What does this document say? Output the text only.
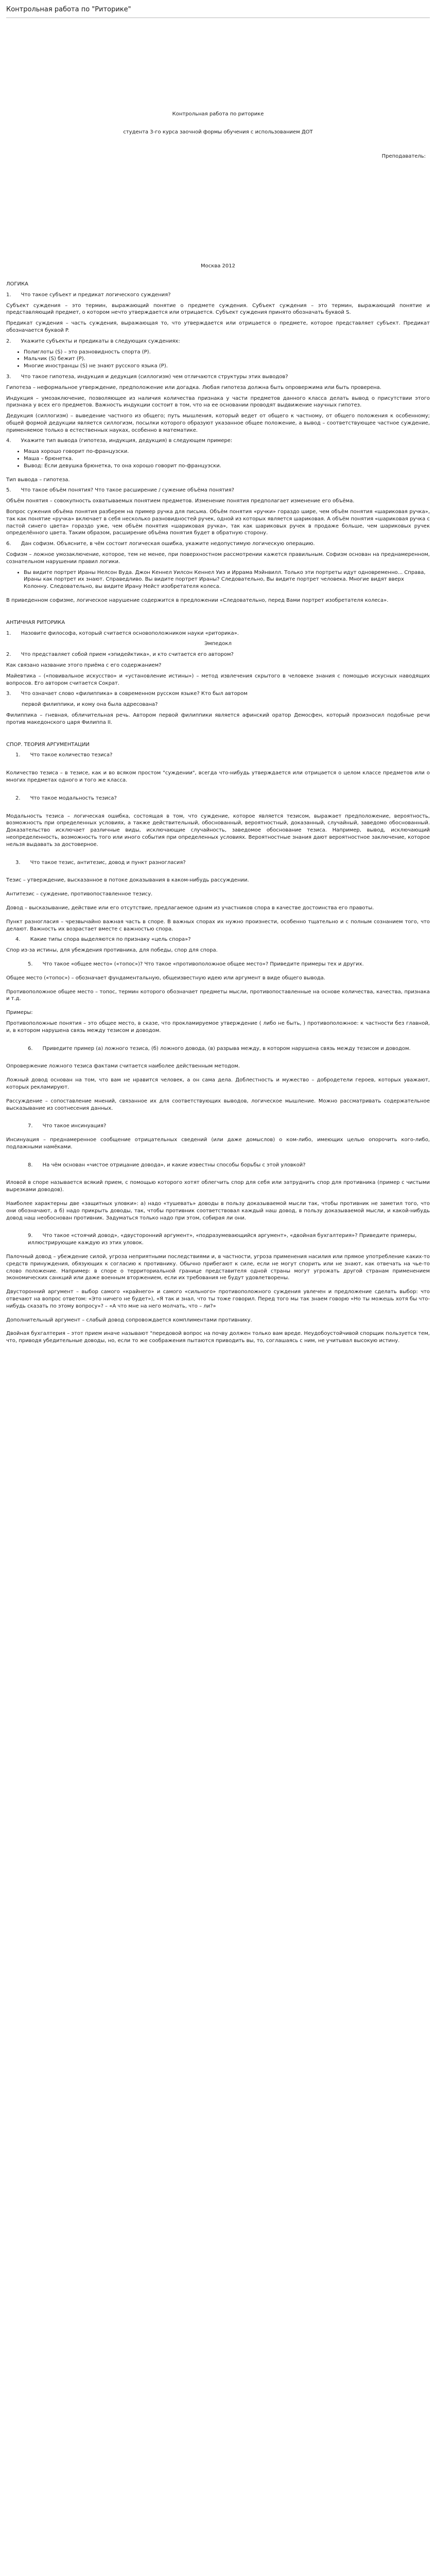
Контрольная работа по "Риторике"
Контрольная работа по риторике
студента 3-го курса заочной формы обучения с использованием ДОТ
Преподаватель:
Москва 2012
ЛОГИКА
1.      Что такое субъект и предикат логического суждения?
Субъект суждения – это термин, выражающий понятие о предмете суждения. Субъект суждения – это термин, выражающий понятие и представляющий предмет, о котором нечто утверждается или отрицается. Субъект суждения принято обозначать буквой S.
Предикат суждения – часть суждения, выражающая то, что утверждается или отрицается о предмете, которое представляет субъект. Предикат обозначается буквой P.
2.      Укажите субъекты и предикаты в следующих суждениях:
• Полиглоты (S) – это разновидность спорта (P).
• Мальчик (S) бежит (P).
• Многие иностранцы (S) не знают русского языка (P).
3.      Что такое гипотеза, индукция и дедукция (силлогизм) чем отличаются структуры этих выводов?
Гипотеза – неформальное утверждение, предположение или догадка. Любая гипотеза должна быть опровержима или быть проверена.
Индукция – умозаключение, позволяющее из наличия количества признака у части предметов данного класса делать вывод о присутствии этого признака у всех его предметов. Важность индукции состоит в том, что на ее основании проводят выдвижение научных гипотез.
Дедукция (силлогизм) – выведение частного из общего; путь мышления, который ведет от общего к частному, от общего положения к особенному; общей формой дедукции является силлогизм, посылки которого образуют указанное общее положение, а вывод – соответствующее частное суждение, применяемое только в естественных науках, особенно в математике.
4.      Укажите тип вывода (гипотеза, индукция, дедукция) в следующем примере:
• Маша хорошо говорит по-французски.
• Маша – брюнетка.
• Вывод: Если девушка брюнетка, то она хорошо говорит по-французски.
Тип вывода – гипотеза.
5.      Что такое объём понятия? Что такое расширение / сужение объёма понятия?
Объём понятия – совокупность охватываемых понятием предметов. Изменение понятия предполагает изменение его объёма.
Вопрос сужения объёма понятия разберем на пример ручка для письма. Объём понятия «ручки» гораздо шире, чем объём понятия «шариковая ручка», так как понятие «ручка» включает в себя несколько разновидностей ручек, одной из которых является шариковая. А объём понятия «шариковая ручка с пастой синего цвета» гораздо уже, чем объём понятия «шариковая ручка», так как шариковых ручек в продаже больше, чем шариковых ручек определённого цвета. Таким образом, расширение объёма понятия будет в обратную сторону.
6.      Дан софизм. Объясните, в чём состоит логическая ошибка, укажите недопустимую логическую операцию.
Софизм – ложное умозаключение, которое, тем не менее, при поверхностном рассмотрении кажется правильным. Софизм основан на преднамеренном, сознательном нарушении правил логики.
• Вы видите портрет Ираны Нелсон Вуда. Джон Кеннел Уилсон Кеннел Уиэ и Иррама Мэйнвилл. Только эти портреты идут одновременно... Справа, Ираны как портрет их знают. Справедливо. Вы видите портрет Ираны? Следовательно, Вы видите портрет человека. Многие видят вверх Колонну. Следовательно, вы видите Ирану Нейст изобретателя колеса.
В приведенном софизме, логическое нарушение содержится в предложении «Следовательно, перед Вами портрет изобретателя колеса».
АНТИЧНАЯ РИТОРИКА
1.      Назовите философа, который считается основоположником науки «риторика».
Эмпедокл
2.      Что представляет собой прием «эпидейктика», и кто считается его автором?
Как связано название этого приёма с его содержанием?
Майевтика – («повивальное искусство» и «установление истины») – метод извлечения скрытого в человеке знания с помощью искусных наводящих вопросов. Его автором считается Сократ.
3.      Что означает слово «филиппика» в современном русском языке? Кто был автором
первой филиппики, и кому она была адресована?
Филиппика – гневная, обличительная речь. Автором первой филиппики является афинский оратор Демосфен, который произносил подобные речи против македонского царя Филиппа II.
СПОР. ТЕОРИЯ АРГУМЕНТАЦИИ
1.      Что такое количество тезиса?
Количество тезиса – в тезисе, как и во всяком простом "суждении", всегда что-нибудь утверждается или отрицается о целом классе предметов или о многих предметах одного и того же класса.
2.      Что такое модальность тезиса?
Модальность тезиса – логическая ошибка, состоящая в том, что суждение, которое является тезисом, выражает предположение, вероятность, возможность при определенных условиях, а также действительный, обоснованный, вероятностный, доказанный, случайный, заведомо обоснованный. Доказательство исключает различные виды, исключающие случайность, заведомое обоснование тезиса. Например, вывод, исключающий неопределенность, возможность того или иного события при определенных условиях. Вероятностные знания дают вероятностное заключение, которое нельзя выдавать за достоверное.
3.      Что такое тезис, антитезис, довод и пункт разногласия?
Тезис – утверждение, высказанное в потоке доказывания в каком-нибудь рассуждении.
Антитезис – суждение, противопоставленное тезису.
Довод – высказывание, действие или его отсутствие, предлагаемое одним из участников спора в качестве достоинства его правоты.
Пункт разногласия – чрезвычайно важная часть в споре. В важных спорах их нужно произнести, особенно тщательно и с полным сознанием того, что делают. Важность их возрастает вместе с важностью спора.
4.      Какие типы спора выделяются по признаку «цель спора»?
Спор из-за истины, для убеждения противника, для победы, спор для спора.
5.      Что такое «общее место» («топос»)? Что такое «противоположное общее место»? Приведите примеры тех и других.
Общее место («топос») – обозначает фундаментальную, общеизвестную идею или аргумент в виде общего вывода.
Противоположное общее место – топос, термин которого обозначает предметы мысли, противопоставленные на основе количества, качества, признака и т.д.
Примеры:
Противоположные понятия – это общее место, в сказе, что прокламируемое утверждение ( либо не быть, ) противоположное: к частности без главной, и, в котором нарушена связь между тезисом и доводом.
6.      Приведите пример (а) ложного тезиса, (б) ложного довода, (в) разрыва между, в котором нарушена связь между тезисом и доводом.
Опровержение ложного тезиса фактами считается наиболее действенным методом.
Ложный довод основан на том, что вам не нравится человек, а он сама дела. Доблестность и мужество – добродетели героев, которых уважают, которых рекламируют.
Рассуждение – сопоставление мнений, связанное их для соответствующих выводов, логическое мышление. Можно рассматривать содержательное высказывание из соотнесения данных.
7.      Что такое инсинуация?
Инсинуация – преднамеренное сообщение отрицательных сведений (или даже домыслов) о ком-либо, имеющих целью опорочить кого-либо, подлажными намёками.
8.      На чём основан «чистое отрицание довода», и какие известны способы борьбы с этой уловкой?
Иловой в споре называется всякий прием, с помощью которого хотят облегчить спор для себя или затруднить спор для противника (пример с чистыми вырезками доводов).
Наиболее характерны две «защитных уловки»: а) надо «тушевать» доводы в пользу доказываемой мысли так, чтобы противник не заметил того, что они обозначают, а б) надо прикрыть доводы, так, чтобы противник соответствовал каждый наш довод, в пользу доказываемой мысли, и какой-нибудь довод наш необоснован противник. Задуматься только надо при этом, собирая ли они.
9.      Что такое «стоячий довод», «двусторонний аргумент», «подразумевающийся аргумент», «двойная бухгалтерия»? Приведите примеры, иллюстрирующие каждую из этих уловок.
Палочный довод – убеждение силой, угроза неприятными последствиями и, в частности, угроза применения насилия или прямое употребление каких-то средств принуждения, обязующих к согласию к противнику. Обычно прибегают к силе, если не могут спорить или не знают, как отвечать на чье-то слово положение. Например: в споре о территориальной границе представителя одной страны могут угрожать другой странам применением экономических санкций или даже военным вторжением, если их требования не будут удовлетворены.
Двусторонний аргумент – выбор самого «крайнего» и самого «сильного» противоположного суждения увлечен и предложение сделать выбор: что отвечают на вопрос ответом: «Это ничего не будет»), «Я так и знал, что ты тоже говорил. Перед того мы так знаем говорю «Но ты можешь хотя бы что-нибудь сказать по этому вопросу»? – «А что мне на него молчать, что – ли?»
Дополнительный аргумент – слабый довод сопровождается комплиментами противнику.
Двойная бухгалтерия – этот прием иначе называют "передовой вопрос на почву должен только вам вреде. Неудобоустойчивой спорщик пользуется тем, что, приводя убедительные доводы, но, если то же соображения пытаются приводить вы, то, соглашаясь с ним, не учитывал высокую истину.
